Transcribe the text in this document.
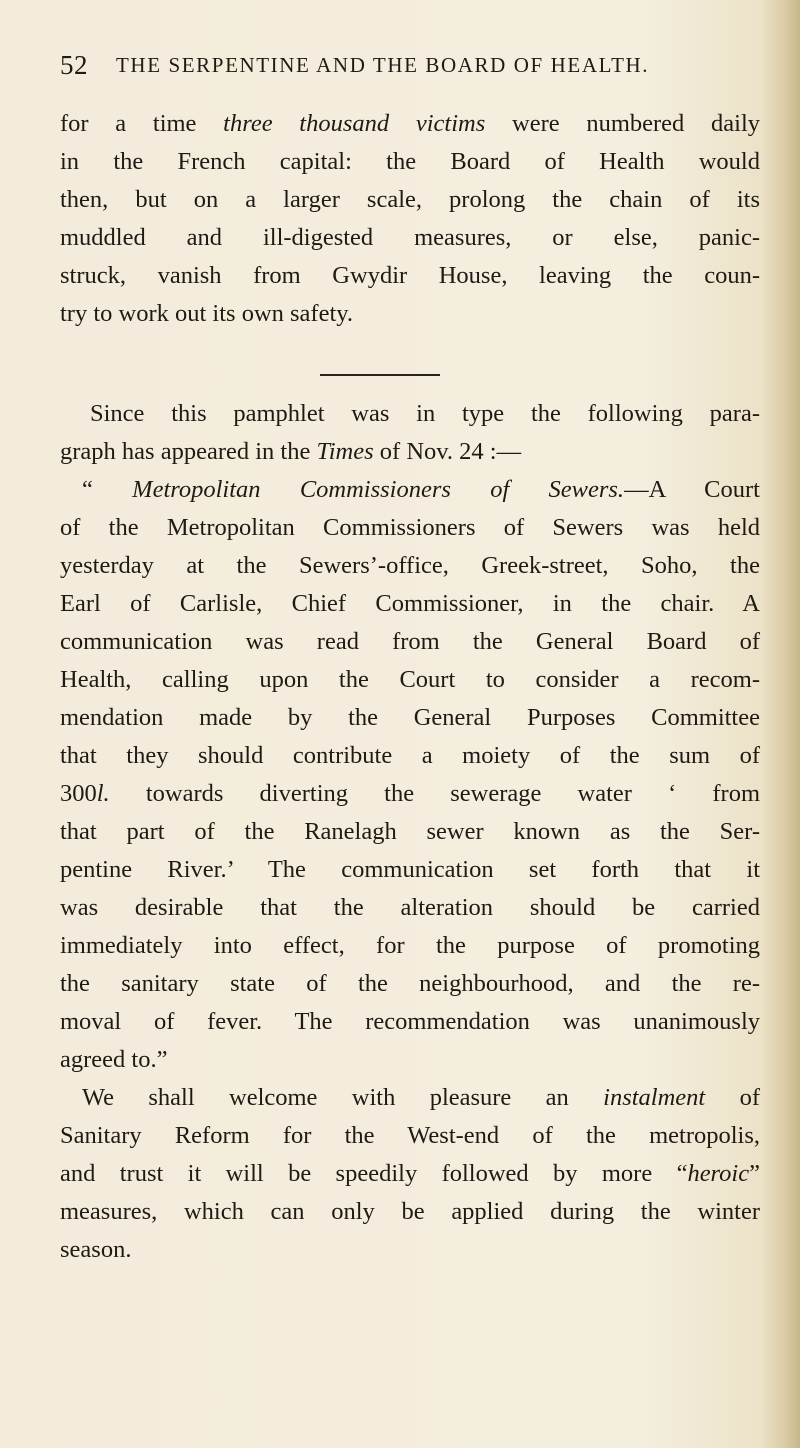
52 THE SERPENTINE AND THE BOARD OF HEALTH.
for a time three thousand victims were numbered daily
in the French capital: the Board of Health would
then, but on a larger scale, prolong the chain of its
muddled and ill-digested measures, or else, panic-
struck, vanish from Gwydir House, leaving the coun-
try to work out its own safety.
Since this pamphlet was in type the following para-
graph has appeared in the Times of Nov. 24 :—
“ Metropolitan Commissioners of Sewers.—A Court
of the Metropolitan Commissioners of Sewers was held
yesterday at the Sewers’-office, Greek-street, Soho, the
Earl of Carlisle, Chief Commissioner, in the chair. A
communication was read from the General Board of
Health, calling upon the Court to consider a recom-
mendation made by the General Purposes Committee
that they should contribute a moiety of the sum of
300l. towards diverting the sewerage water ‘ from
that part of the Ranelagh sewer known as the Ser-
pentine River.’ The communication set forth that it
was desirable that the alteration should be carried
immediately into effect, for the purpose of promoting
the sanitary state of the neighbourhood, and the re-
moval of fever. The recommendation was unanimously
agreed to.”
We shall welcome with pleasure an instalment of
Sanitary Reform for the West-end of the metropolis,
and trust it will be speedily followed by more “heroic”
measures, which can only be applied during the winter
season.
